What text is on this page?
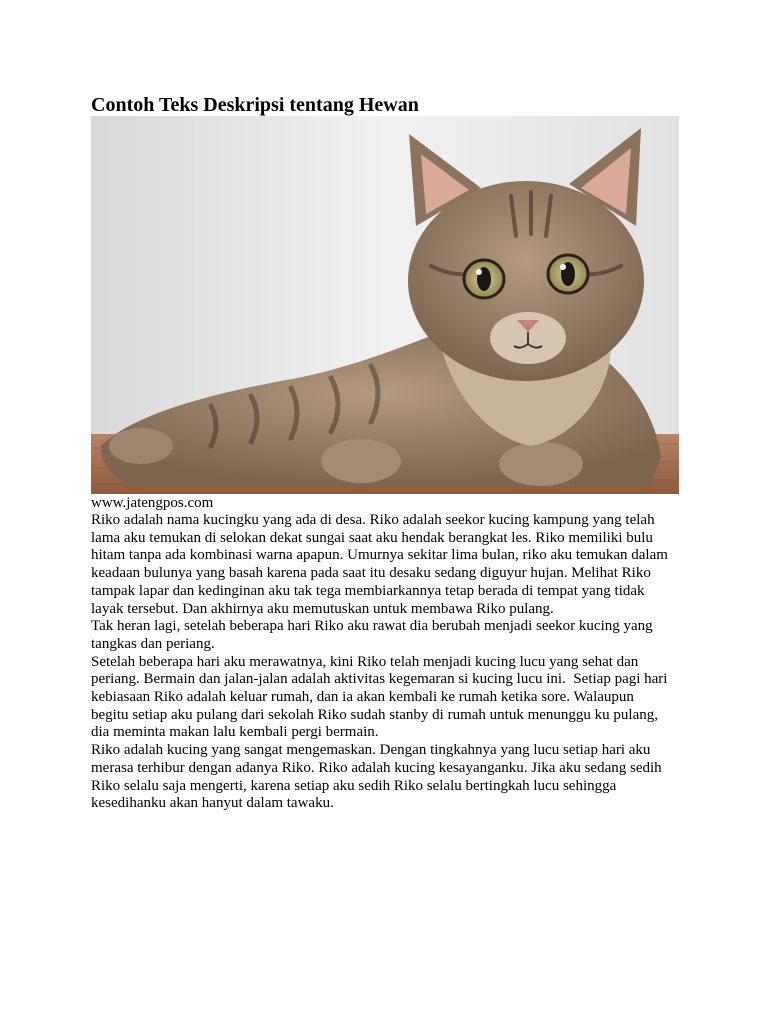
Contoh Teks Deskripsi tentang Hewan
www.jatengpos.com

Riko adalah nama kucingku yang ada di desa. Riko adalah seekor kucing kampung yang telah
lama aku temukan di selokan dekat sungai saat aku hendak berangkat les. Riko memiliki bulu
hitam tanpa ada kombinasi warna apapun. Umurnya sekitar lima bulan, riko aku temukan dalam
keadaan bulunya yang basah karena pada saat itu desaku sedang diguyur hujan. Melihat Riko
tampak lapar dan kedinginan aku tak tega membiarkannya tetap berada di tempat yang tidak
layak tersebut. Dan akhirnya aku memutuskan untuk membawa Riko pulang.

Tak heran lagi, setelah beberapa hari Riko aku rawat dia berubah menjadi seekor kucing yang
tangkas dan periang.

Setelah beberapa hari aku merawatnya, kini Riko telah menjadi kucing lucu yang sehat dan
periang. Bermain dan jalan-jalan adalah aktivitas kegemaran si kucing lucu ini.  Setiap pagi hari
kebiasaan Riko adalah keluar rumah, dan ia akan kembali ke rumah ketika sore. Walaupun
begitu setiap aku pulang dari sekolah Riko sudah stanby di rumah untuk menunggu ku pulang,
dia meminta makan lalu kembali pergi bermain.

Riko adalah kucing yang sangat mengemaskan. Dengan tingkahnya yang lucu setiap hari aku
merasa terhibur dengan adanya Riko. Riko adalah kucing kesayanganku. Jika aku sedang sedih
Riko selalu saja mengerti, karena setiap aku sedih Riko selalu bertingkah lucu sehingga
kesedihanku akan hanyut dalam tawaku.
